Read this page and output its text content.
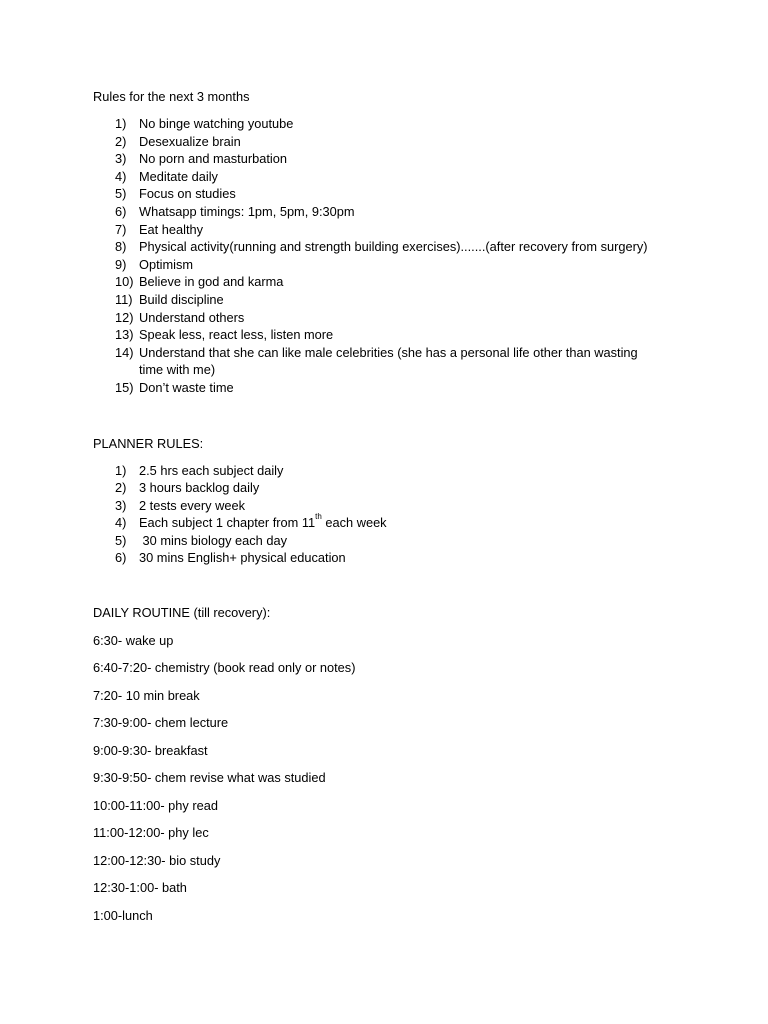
Rules for the next 3 months

1) No binge watching youtube
2) Desexualize brain
3) No porn and masturbation
4) Meditate daily
5) Focus on studies
6) Whatsapp timings: 1pm, 5pm, 9:30pm
7) Eat healthy
8) Physical activity(running and strength building exercises).......(after recovery from surgery)
9) Optimism
10) Believe in god and karma
11) Build discipline
12) Understand others
13) Speak less, react less, listen more
14) Understand that she can like male celebrities (she has a personal life other than wasting time with me)
15) Don’t waste time

PLANNER RULES:

1) 2.5 hrs each subject daily
2) 3 hours backlog daily
3) 2 tests every week
4) Each subject 1 chapter from 11th each week
5) 30 mins biology each day
6) 30 mins English+ physical education

DAILY ROUTINE (till recovery):

6:30- wake up

6:40-7:20- chemistry (book read only or notes)

7:20- 10 min break

7:30-9:00- chem lecture

9:00-9:30- breakfast

9:30-9:50- chem revise what was studied

10:00-11:00- phy read

11:00-12:00- phy lec

12:00-12:30- bio study

12:30-1:00- bath

1:00-lunch
